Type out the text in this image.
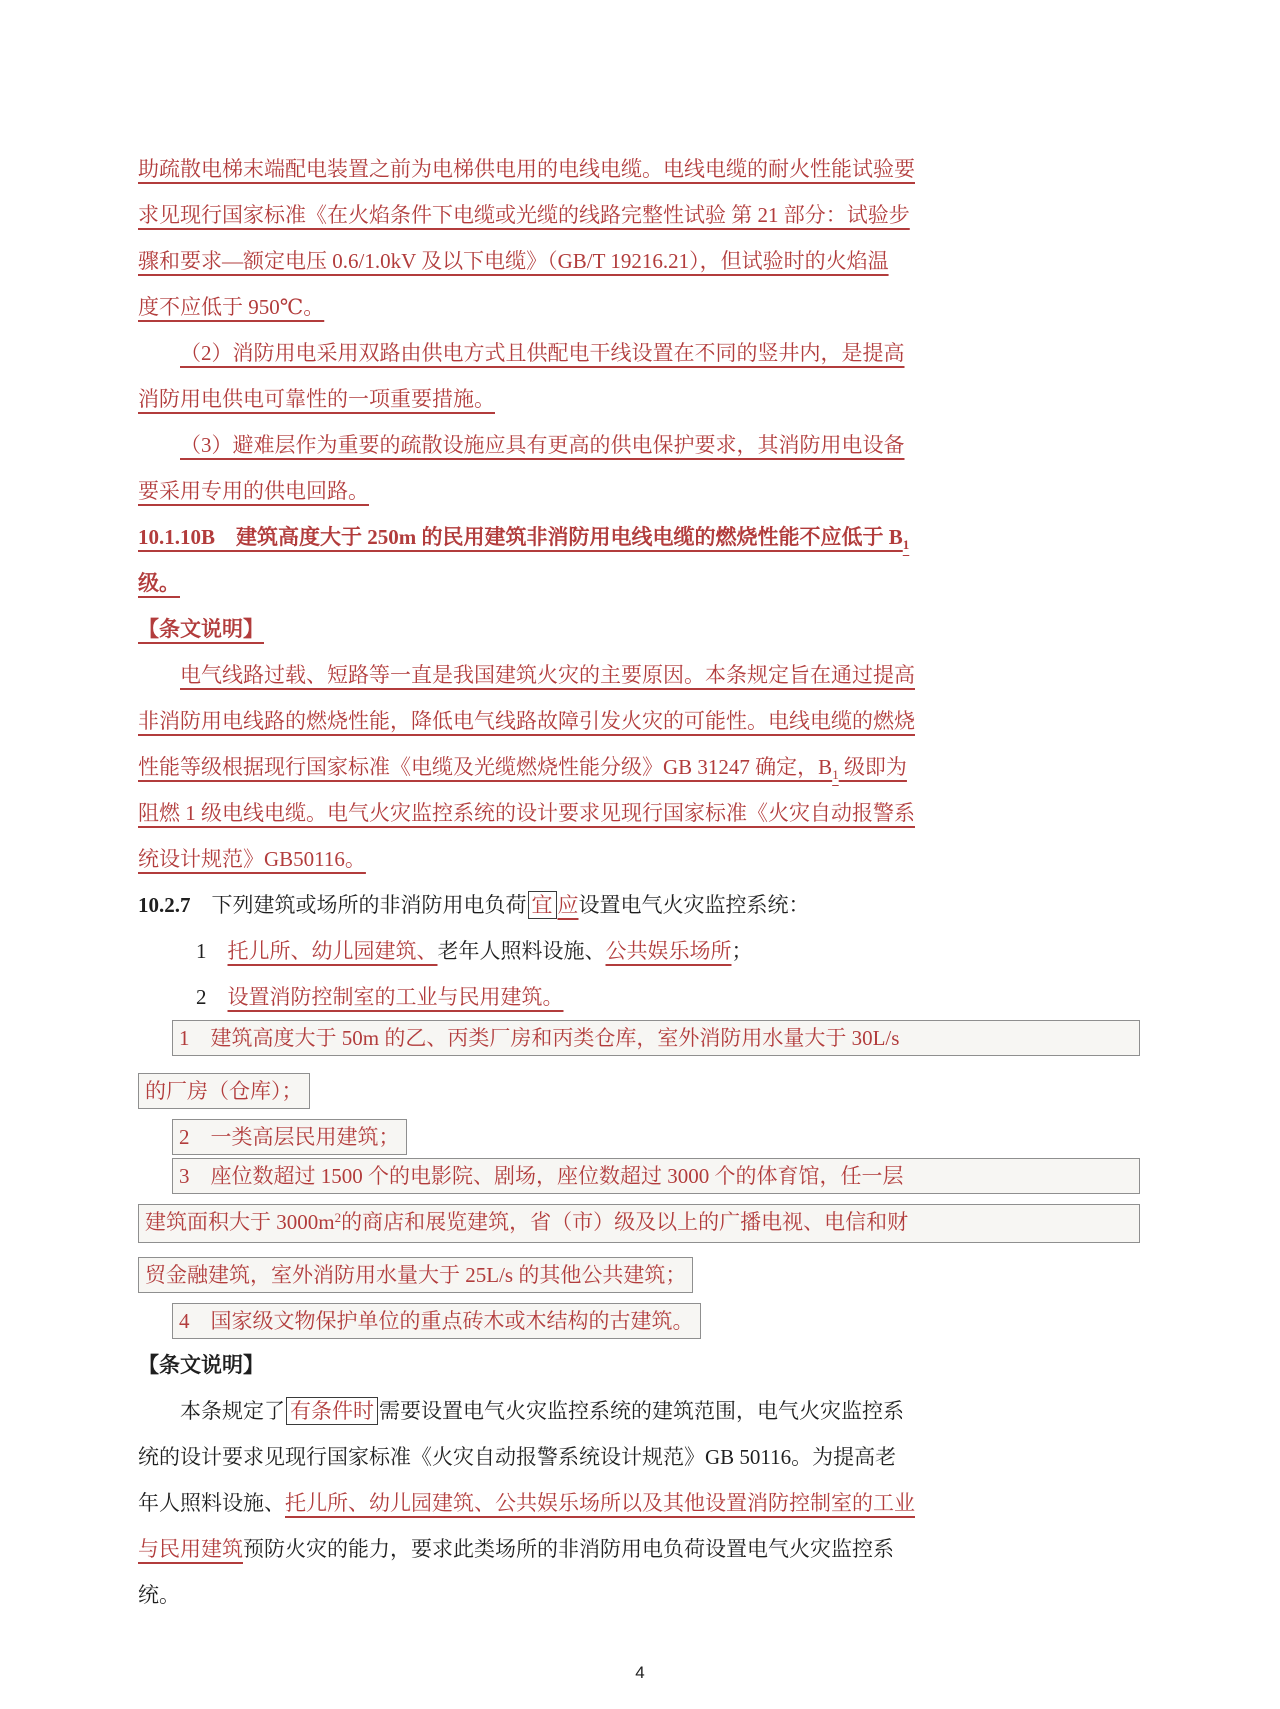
助疏散电梯末端配电装置之前为电梯供电用的电线电缆。电线电缆的耐火性能试验要
求见现行国家标准《在火焰条件下电缆或光缆的线路完整性试验 第 21 部分：试验步
骤和要求—额定电压 0.6/1.0kV 及以下电缆》（GB/T 19216.21），但试验时的火焰温
度不应低于 950℃。
（2）消防用电采用双路由供电方式且供配电干线设置在不同的竖井内，是提高
消防用电供电可靠性的一项重要措施。
（3）避难层作为重要的疏散设施应具有更高的供电保护要求，其消防用电设备
要采用专用的供电回路。
10.1.10B　建筑高度大于 250m 的民用建筑非消防用电线电缆的燃烧性能不应低于 $B_1$
级。
【条文说明】
电气线路过载、短路等一直是我国建筑火灾的主要原因。本条规定旨在通过提高
非消防用电线路的燃烧性能，降低电气线路故障引发火灾的可能性。电线电缆的燃烧
性能等级根据现行国家标准《电缆及光缆燃烧性能分级》GB 31247 确定，$B_1$ 级即为
阻燃 1 级电线电缆。电气火灾监控系统的设计要求见现行国家标准《火灾自动报警系
统设计规范》GB50116。
10.2.7　下列建筑或场所的非消防用电负荷 宜 应设置电气火灾监控系统：
1　托儿所、幼儿园建筑、老年人照料设施、公共娱乐场所；
2　设置消防控制室的工业与民用建筑。
1　建筑高度大于 50m 的乙、丙类厂房和丙类仓库，室外消防用水量大于 30L/s
的厂房（仓库）；
2　一类高层民用建筑；
3　座位数超过 1500 个的电影院、剧场，座位数超过 3000 个的体育馆，任一层
建筑面积大于 $3000m^2$的商店和展览建筑，省（市）级及以上的广播电视、电信和财
贸金融建筑，室外消防用水量大于 25L/s 的其他公共建筑；
4　国家级文物保护单位的重点砖木或木结构的古建筑。
【条文说明】
本条规定了 有条件时 需要设置电气火灾监控系统的建筑范围，电气火灾监控系
统的设计要求见现行国家标准《火灾自动报警系统设计规范》GB 50116。为提高老
年人照料设施、托儿所、幼儿园建筑、公共娱乐场所以及其他设置消防控制室的工业
与民用建筑预防火灾的能力，要求此类场所的非消防用电负荷设置电气火灾监控系
统。
4
